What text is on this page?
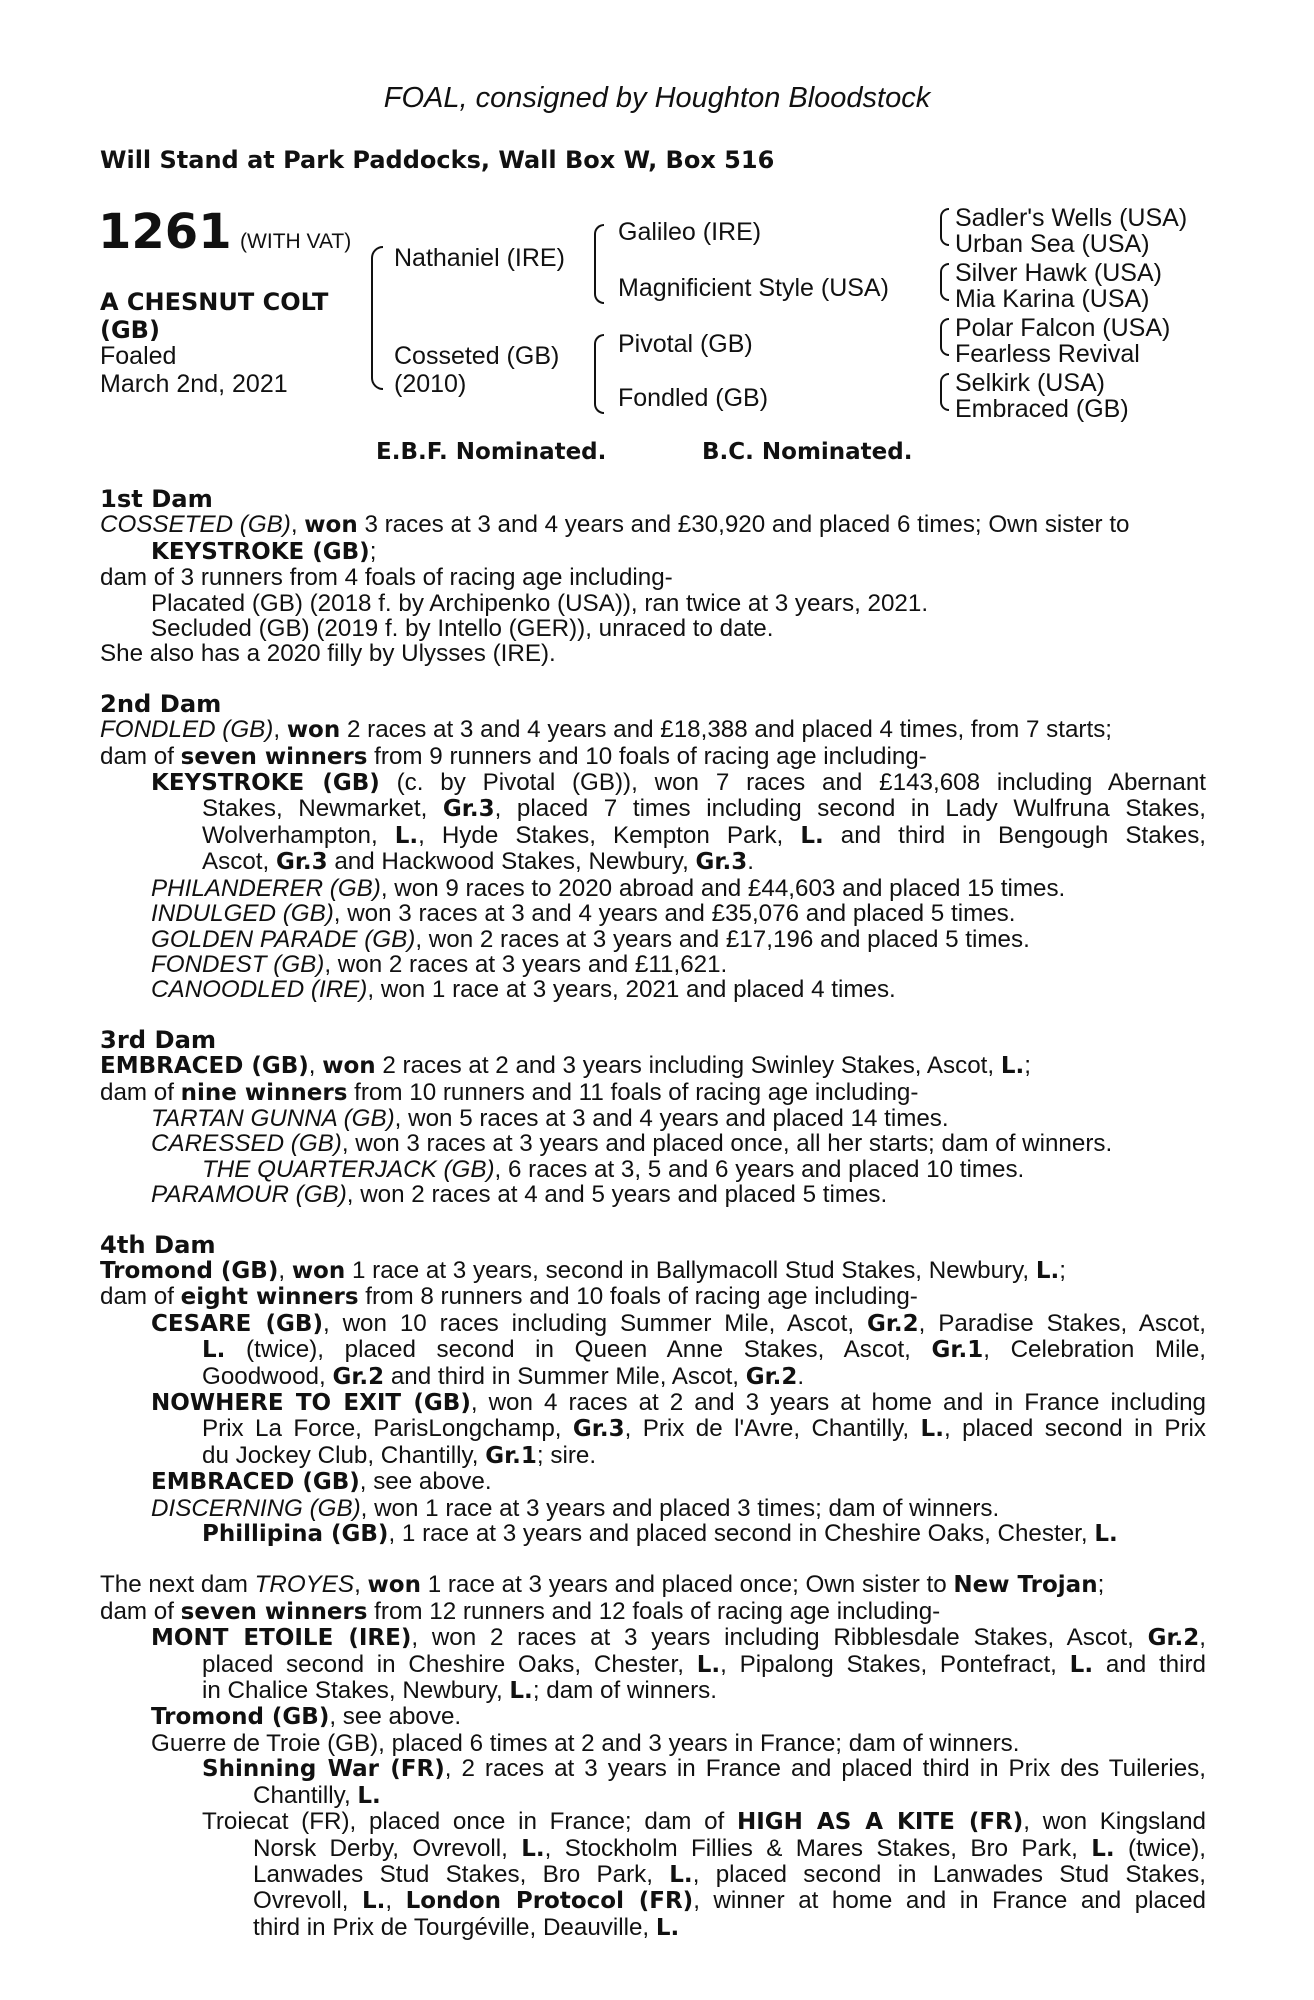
FOAL, consigned by Houghton Bloodstock
Will Stand at Park Paddocks, Wall Box W, Box 516
1261 (WITH VAT)
A CHESNUT COLT
(GB)
Foaled
March 2nd, 2021
Nathaniel (IRE)
Cosseted (GB)
(2010)
Galileo (IRE)
Magnificient Style (USA)
Pivotal (GB)
Fondled (GB)
Sadler's Wells (USA)
Urban Sea (USA)
Silver Hawk (USA)
Mia Karina (USA)
Polar Falcon (USA)
Fearless Revival
Selkirk (USA)
Embraced (GB)
E.B.F. Nominated.	B.C. Nominated.
1st Dam
COSSETED (GB), won 3 races at 3 and 4 years and £30,920 and placed 6 times; Own sister to
KEYSTROKE (GB);
dam of 3 runners from 4 foals of racing age including-
Placated (GB) (2018 f. by Archipenko (USA)), ran twice at 3 years, 2021.
Secluded (GB) (2019 f. by Intello (GER)), unraced to date.
She also has a 2020 filly by Ulysses (IRE).
2nd Dam
FONDLED (GB), won 2 races at 3 and 4 years and £18,388 and placed 4 times, from 7 starts;
dam of seven winners from 9 runners and 10 foals of racing age including-
KEYSTROKE (GB) (c. by Pivotal (GB)), won 7 races and £143,608 including Abernant
Stakes, Newmarket, Gr.3, placed 7 times including second in Lady Wulfruna Stakes,
Wolverhampton, L., Hyde Stakes, Kempton Park, L. and third in Bengough Stakes,
Ascot, Gr.3 and Hackwood Stakes, Newbury, Gr.3.
PHILANDERER (GB), won 9 races to 2020 abroad and £44,603 and placed 15 times.
INDULGED (GB), won 3 races at 3 and 4 years and £35,076 and placed 5 times.
GOLDEN PARADE (GB), won 2 races at 3 years and £17,196 and placed 5 times.
FONDEST (GB), won 2 races at 3 years and £11,621.
CANOODLED (IRE), won 1 race at 3 years, 2021 and placed 4 times.
3rd Dam
EMBRACED (GB), won 2 races at 2 and 3 years including Swinley Stakes, Ascot, L.;
dam of nine winners from 10 runners and 11 foals of racing age including-
TARTAN GUNNA (GB), won 5 races at 3 and 4 years and placed 14 times.
CARESSED (GB), won 3 races at 3 years and placed once, all her starts; dam of winners.
THE QUARTERJACK (GB), 6 races at 3, 5 and 6 years and placed 10 times.
PARAMOUR (GB), won 2 races at 4 and 5 years and placed 5 times.
4th Dam
Tromond (GB), won 1 race at 3 years, second in Ballymacoll Stud Stakes, Newbury, L.;
dam of eight winners from 8 runners and 10 foals of racing age including-
CESARE (GB), won 10 races including Summer Mile, Ascot, Gr.2, Paradise Stakes, Ascot,
L. (twice), placed second in Queen Anne Stakes, Ascot, Gr.1, Celebration Mile,
Goodwood, Gr.2 and third in Summer Mile, Ascot, Gr.2.
NOWHERE TO EXIT (GB), won 4 races at 2 and 3 years at home and in France including
Prix La Force, ParisLongchamp, Gr.3, Prix de l'Avre, Chantilly, L., placed second in Prix
du Jockey Club, Chantilly, Gr.1; sire.
EMBRACED (GB), see above.
DISCERNING (GB), won 1 race at 3 years and placed 3 times; dam of winners.
Phillipina (GB), 1 race at 3 years and placed second in Cheshire Oaks, Chester, L.
The next dam TROYES, won 1 race at 3 years and placed once; Own sister to New Trojan;
dam of seven winners from 12 runners and 12 foals of racing age including-
MONT ETOILE (IRE), won 2 races at 3 years including Ribblesdale Stakes, Ascot, Gr.2,
placed second in Cheshire Oaks, Chester, L., Pipalong Stakes, Pontefract, L. and third
in Chalice Stakes, Newbury, L.; dam of winners.
Tromond (GB), see above.
Guerre de Troie (GB), placed 6 times at 2 and 3 years in France; dam of winners.
Shinning War (FR), 2 races at 3 years in France and placed third in Prix des Tuileries,
Chantilly, L.
Troiecat (FR), placed once in France; dam of HIGH AS A KITE (FR), won Kingsland
Norsk Derby, Ovrevoll, L., Stockholm Fillies & Mares Stakes, Bro Park, L. (twice),
Lanwades Stud Stakes, Bro Park, L., placed second in Lanwades Stud Stakes,
Ovrevoll, L., London Protocol (FR), winner at home and in France and placed
third in Prix de Tourgéville, Deauville, L.
